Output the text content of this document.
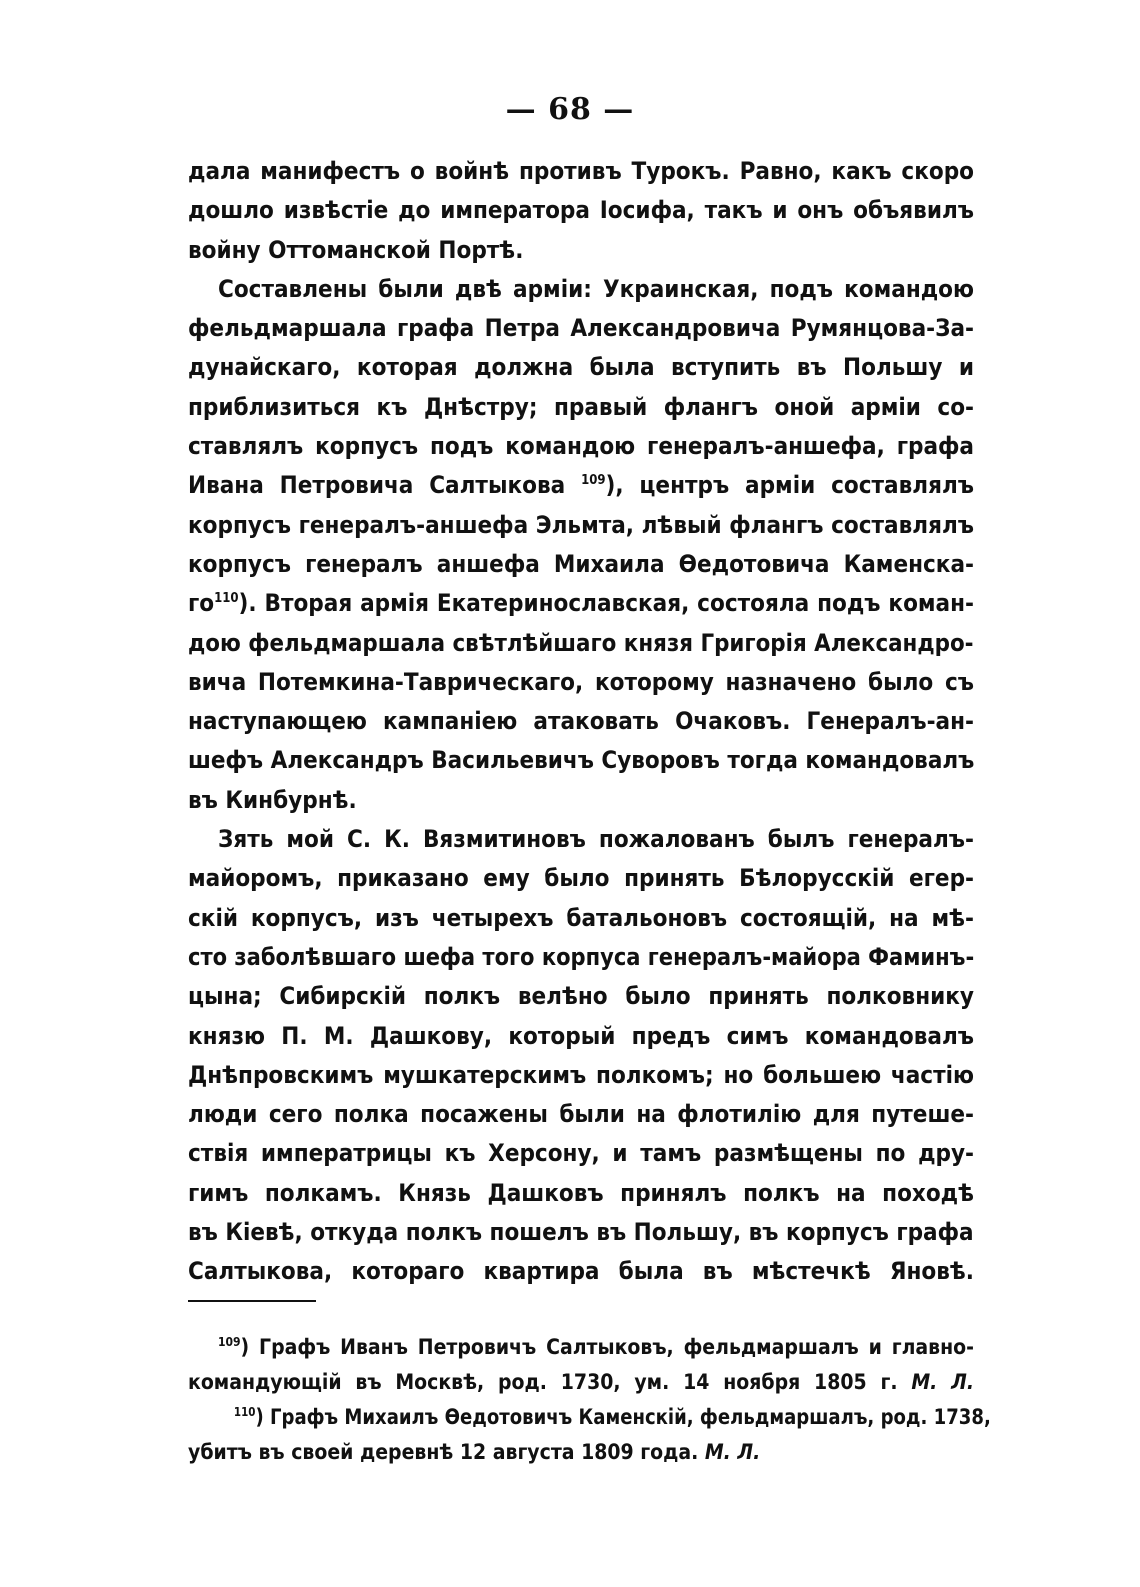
— 68 —
дала манифестъ о войнѣ противъ Турокъ. Равно, какъ скоро
дошло извѣстіе до императора Іосифа, такъ и онъ объявилъ
войну Оттоманской Портѣ.
Составлены были двѣ арміи: Украинская, подъ командою
фельдмаршала графа Петра Александровича Румянцова-За-
дунайскаго, которая должна была вступить въ Польшу и
приблизиться къ Днѣстру; правый флангъ оной арміи со-
ставлялъ корпусъ подъ командою генералъ-аншефа, графа
Ивана Петровича Салтыкова $^{109}$), центръ арміи составлялъ
корпусъ генералъ-аншефа Эльмта, лѣвый флангъ составлялъ
корпусъ генералъ аншефа Михаила Ѳедотовича Каменска-
го$^{110}$). Вторая армія Екатеринославская, состояла подъ коман-
дою фельдмаршала свѣтлѣйшаго князя Григорія Александро-
вича Потемкина-Таврическаго, которому назначено было съ
наступающею кампаніею атаковать Очаковъ. Генералъ-ан-
шефъ Александръ Васильевичъ Суворовъ тогда командовалъ
въ Кинбурнѣ.
Зять мой С. К. Вязмитиновъ пожалованъ былъ генералъ-
майоромъ, приказано ему было принять Бѣлорусскій егер-
скій корпусъ, изъ четырехъ батальоновъ состоящій, на мѣ-
сто заболѣвшаго шефа того корпуса генералъ-майора Фаминъ-
цына; Сибирскій полкъ велѣно было принять полковнику
князю П. М. Дашкову, который предъ симъ командовалъ
Днѣпровскимъ мушкатерскимъ полкомъ; но большею частію
люди сего полка посажены были на флотилію для путеше-
ствія императрицы къ Херсону, и тамъ размѣщены по дру-
гимъ полкамъ. Князь Дашковъ принялъ полкъ на походѣ
въ Кіевѣ, откуда полкъ пошелъ въ Польшу, въ корпусъ графа
Салтыкова, котораго квартира была въ мѣстечкѣ Яновѣ.
$^{109}$) Графъ Иванъ Петровичъ Салтыковъ, фельдмаршалъ и главно-
командующій въ Москвѣ, род. 1730, ум. 14 ноября 1805 г. М. Л.
$^{110}$) Графъ Михаилъ Ѳедотовичъ Каменскій, фельдмаршалъ, род. 1738,
убитъ въ своей деревнѣ 12 августа 1809 года. М. Л.
